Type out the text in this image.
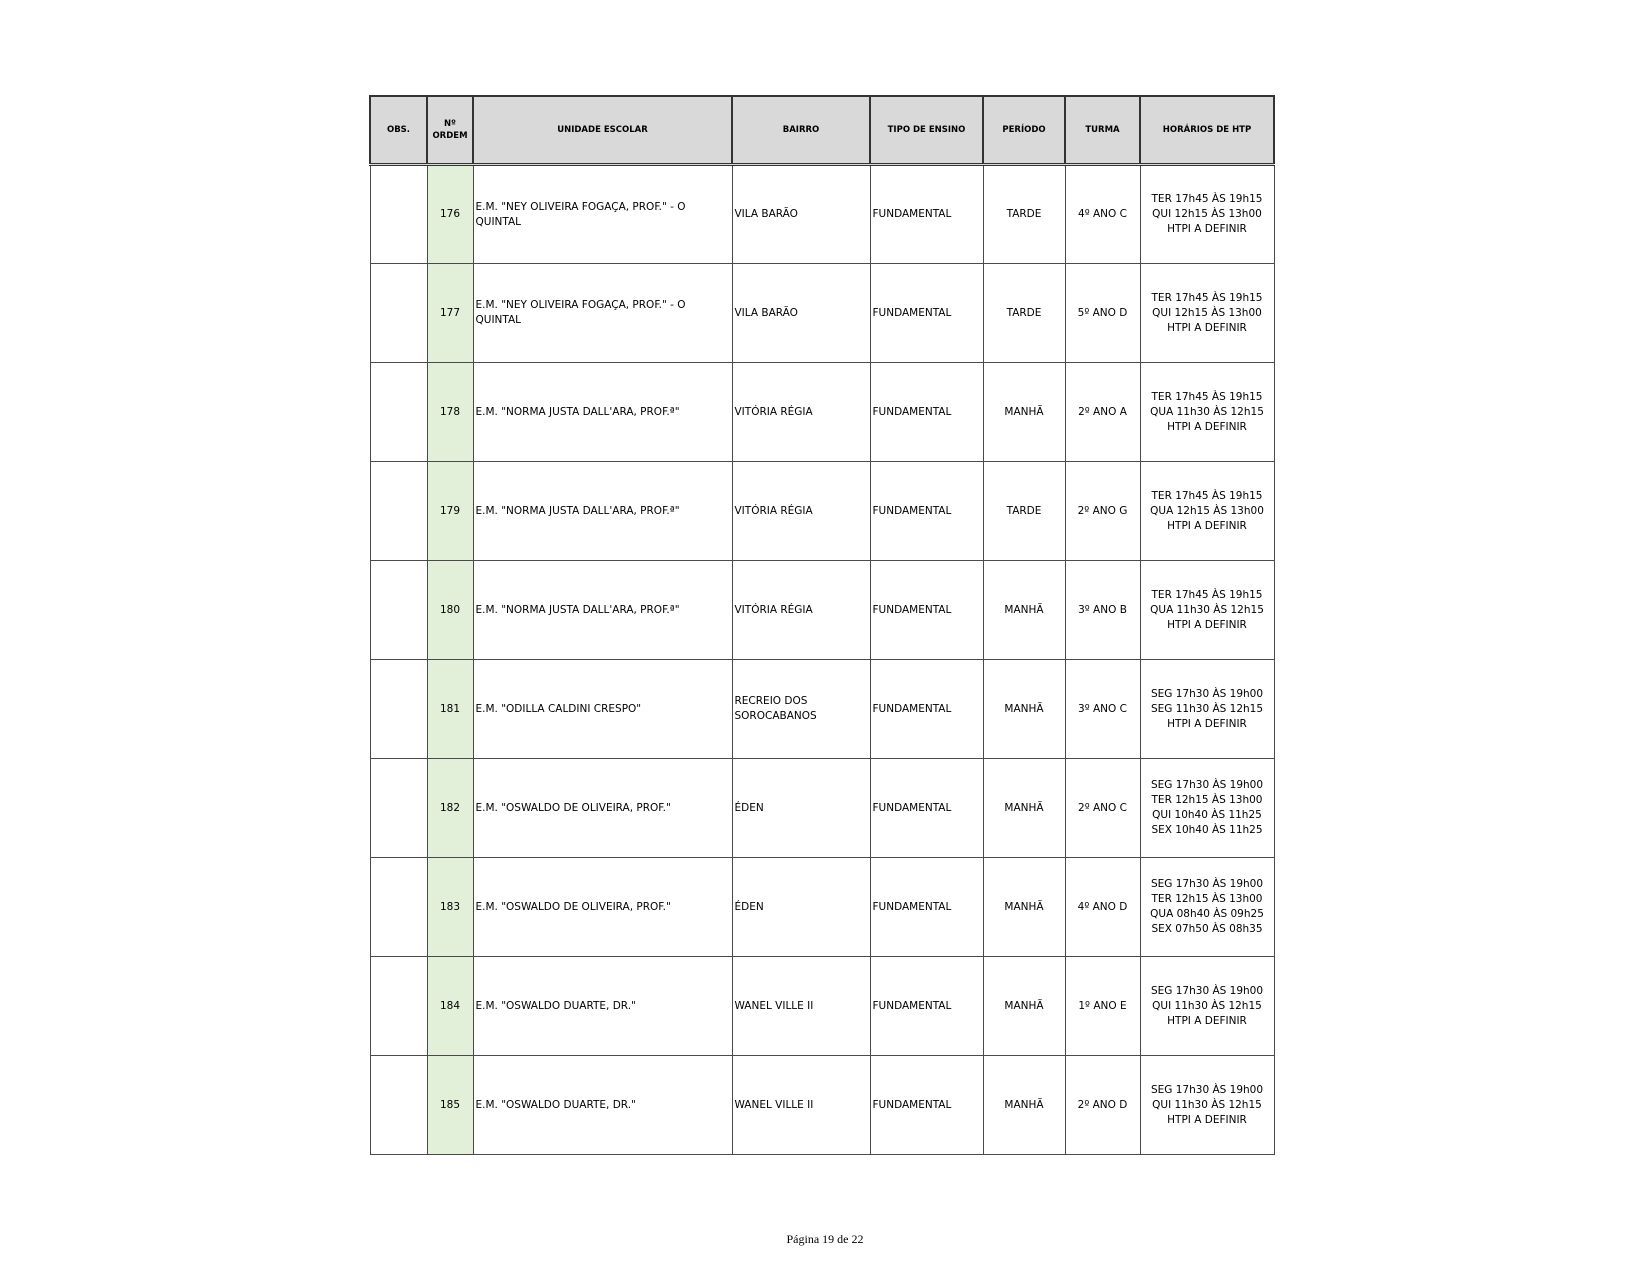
OBS.	Nº
ORDEM	UNIDADE ESCOLAR	BAIRRO	TIPO DE ENSINO	PERÍODO	TURMA	HORÁRIOS DE HTP
	176	E.M. "NEY OLIVEIRA FOGAÇA, PROF." - O QUINTAL	VILA BARÃO	FUNDAMENTAL	TARDE	4º ANO C	TER 17h45 ÀS 19h15
QUI 12h15 ÀS 13h00
HTPI A DEFINIR
	177	E.M. "NEY OLIVEIRA FOGAÇA, PROF." - O QUINTAL	VILA BARÃO	FUNDAMENTAL	TARDE	5º ANO D	TER 17h45 ÀS 19h15
QUI 12h15 ÀS 13h00
HTPI A DEFINIR
	178	E.M. "NORMA JUSTA DALL'ARA, PROF.ª"	VITÓRIA RÉGIA	FUNDAMENTAL	MANHÃ	2º ANO A	TER 17h45 ÀS 19h15
QUA 11h30 ÀS 12h15
HTPI A DEFINIR
	179	E.M. "NORMA JUSTA DALL'ARA, PROF.ª"	VITÓRIA RÉGIA	FUNDAMENTAL	TARDE	2º ANO G	TER 17h45 ÀS 19h15
QUA 12h15 ÀS 13h00
HTPI A DEFINIR
	180	E.M. "NORMA JUSTA DALL'ARA, PROF.ª"	VITÓRIA RÉGIA	FUNDAMENTAL	MANHÃ	3º ANO B	TER 17h45 ÀS 19h15
QUA 11h30 ÀS 12h15
HTPI A DEFINIR
	181	E.M. "ODILLA CALDINI CRESPO"	RECREIO DOS
SOROCABANOS	FUNDAMENTAL	MANHÃ	3º ANO C	SEG 17h30 ÀS 19h00
SEG 11h30 ÀS 12h15
HTPI A DEFINIR
	182	E.M. "OSWALDO DE OLIVEIRA, PROF."	ÉDEN	FUNDAMENTAL	MANHÃ	2º ANO C	SEG 17h30 ÀS 19h00
TER 12h15 ÀS 13h00
QUI 10h40 ÀS 11h25
SEX 10h40 ÀS 11h25
	183	E.M. "OSWALDO DE OLIVEIRA, PROF."	ÉDEN	FUNDAMENTAL	MANHÃ	4º ANO D	SEG 17h30 ÀS 19h00
TER 12h15 ÀS 13h00
QUA 08h40 ÀS 09h25
SEX 07h50 ÀS 08h35
	184	E.M. "OSWALDO DUARTE, DR."	WANEL VILLE II	FUNDAMENTAL	MANHÃ	1º ANO E	SEG 17h30 ÀS 19h00
QUI 11h30 ÀS 12h15
HTPI A DEFINIR
	185	E.M. "OSWALDO DUARTE, DR."	WANEL VILLE II	FUNDAMENTAL	MANHÃ	2º ANO D	SEG 17h30 ÀS 19h00
QUI 11h30 ÀS 12h15
HTPI A DEFINIR
Página 19 de 22
